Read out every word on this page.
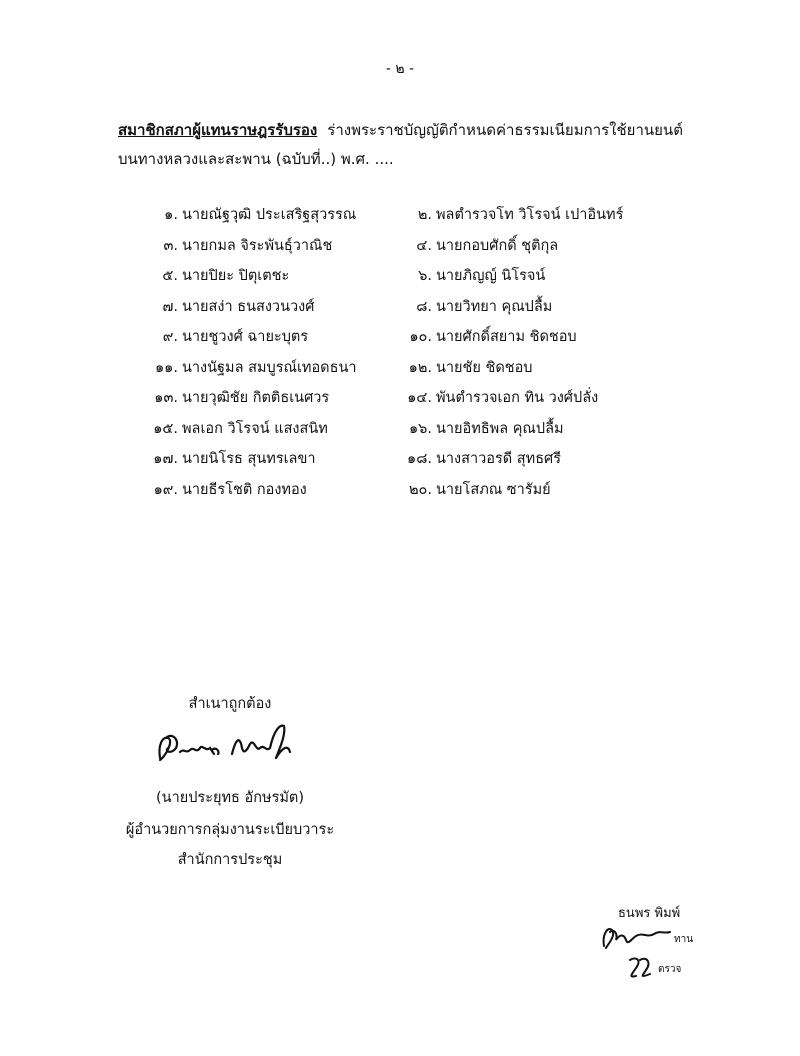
- ๒ -
สมาชิกสภาผู้แทนราษฎรรับรอง ร่างพระราชบัญญัติกำหนดค่าธรรมเนียมการใช้ยานยนต์
บนทางหลวงและสะพาน (ฉบับที่..) พ.ศ. ....
๑. นายณัฐวุฒิ ประเสริฐสุวรรณ
๓. นายกมล จิระพันธุ์วาณิช
๕. นายปิยะ ปิตุเตชะ
๗. นายสง่า ธนสงวนวงศ์
๙. นายชูวงศ์ ฉายะบุตร
๑๑. นางนัฐมล สมบูรณ์เทอดธนา
๑๓. นายวุฒิชัย กิตติธเนศวร
๑๕. พลเอก วิโรจน์ แสงสนิท
๑๗. นายนิโรธ สุนทรเลขา
๑๙. นายธีรโชติ กองทอง
๒. พลตำรวจโท วิโรจน์ เปาอินทร์
๔. นายกอบศักดิ์ ชุติกุล
๖. นายภิญญ์ นิโรจน์
๘. นายวิทยา คุณปลื้ม
๑๐. นายศักดิ์สยาม ชิดชอบ
๑๒. นายชัย ชิดชอบ
๑๔. พันตำรวจเอก ทิน วงศ์ปลั่ง
๑๖. นายอิทธิพล คุณปลื้ม
๑๘. นางสาวอรดี สุทธศรี
๒๐. นายโสภณ ซารัมย์
สำเนาถูกต้อง
(นายประยุทธ อักษรมัต)
ผู้อำนวยการกลุ่มงานระเบียบวาระ
สำนักการประชุม
ธนพร พิมพ์
ทาน
ตรวจ
